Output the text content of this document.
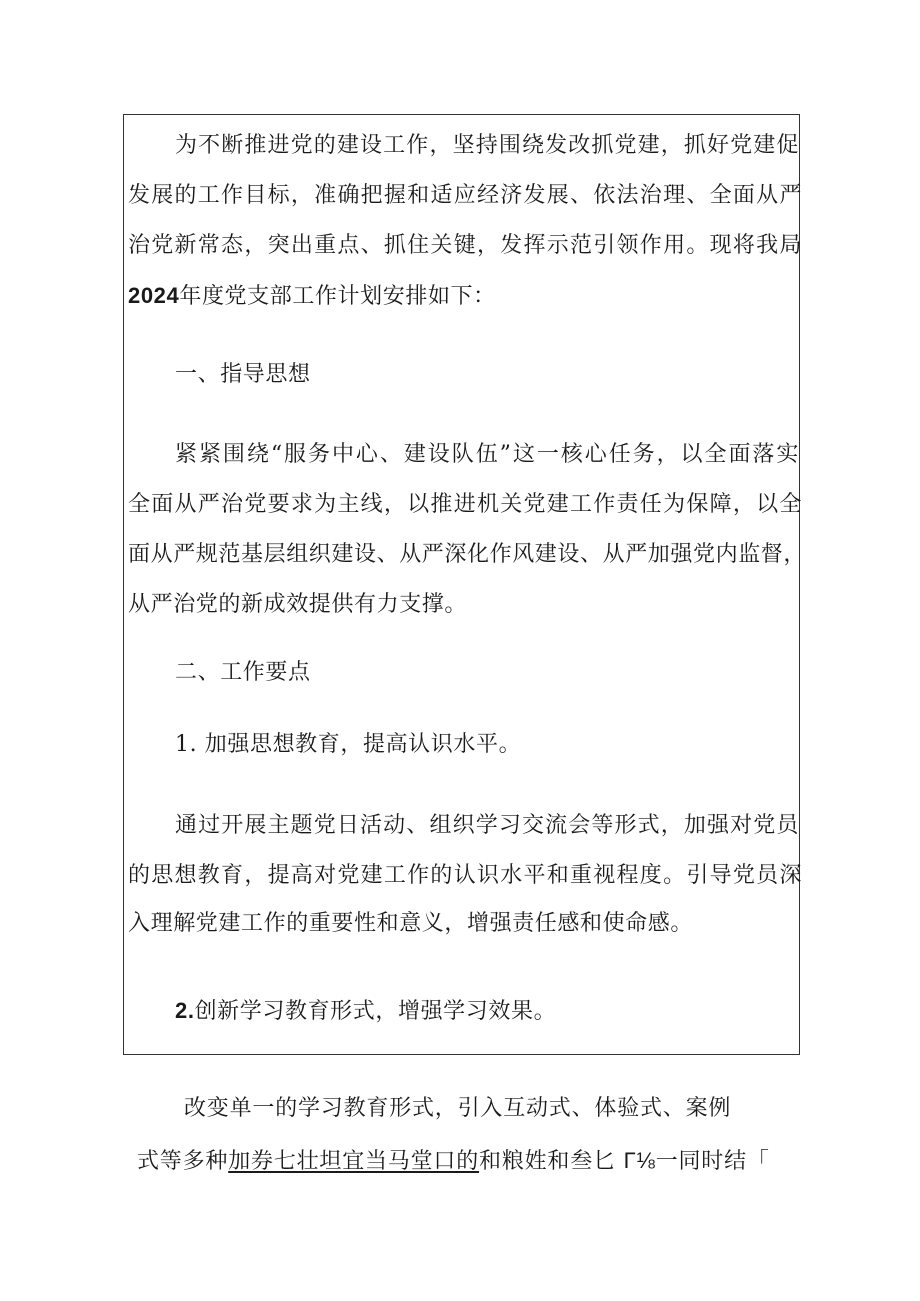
为不断推进党的建设工作，坚持围绕发改抓党建，抓好党建促
发展的工作目标，准确把握和适应经济发展、依法治理、全面从严
治党新常态，突出重点、抓住关键，发挥示范引领作用。现将我局
2024年度党支部工作计划安排如下：
一、指导思想
紧紧围绕“服务中心、建设队伍”这一核心任务，以全面落实
全面从严治党要求为主线，以推进机关党建工作责任为保障，以全
面从严规范基层组织建设、从严深化作风建设、从严加强党内监督，
从严治党的新成效提供有力支撑。
二、工作要点
1. 加强思想教育，提高认识水平。
通过开展主题党日活动、组织学习交流会等形式，加强对党员
的思想教育，提高对党建工作的认识水平和重视程度。引导党员深
入理解党建工作的重要性和意义，增强责任感和使命感。
2.创新学习教育形式，增强学习效果。
改变单一的学习教育形式，引入互动式、体验式、案例
式等多种加券七壮坦宜当马堂口的和粮姓和叁匕 Γ⅛一同时结「
